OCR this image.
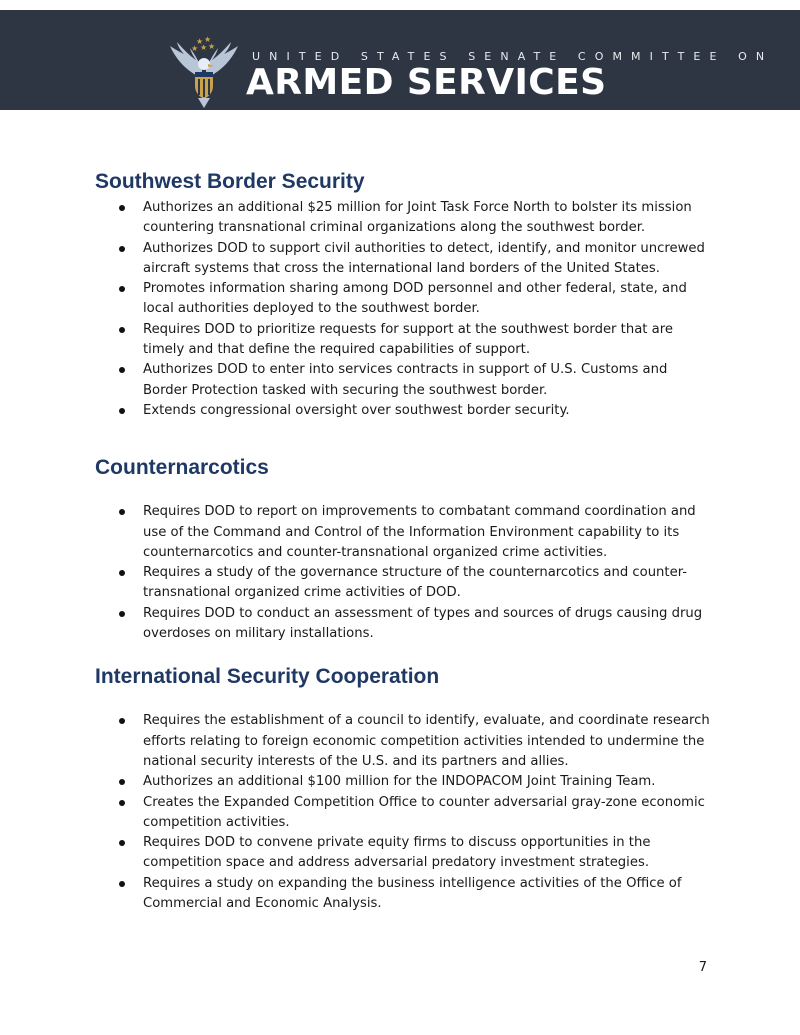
★ ★
★ ★ ★
UNITED STATES SENATE COMMITTEE ON
ARMED SERVICES
Southwest Border Security
Authorizes an additional $25 million for Joint Task Force North to bolster its mission countering transnational criminal organizations along the southwest border.
Authorizes DOD to support civil authorities to detect, identify, and monitor uncrewed aircraft systems that cross the international land borders of the United States.
Promotes information sharing among DOD personnel and other federal, state, and local authorities deployed to the southwest border.
Requires DOD to prioritize requests for support at the southwest border that are timely and that define the required capabilities of support.
Authorizes DOD to enter into services contracts in support of U.S. Customs and Border Protection tasked with securing the southwest border.
Extends congressional oversight over southwest border security.
Counternarcotics
Requires DOD to report on improvements to combatant command coordination and use of the Command and Control of the Information Environment capability to its counternarcotics and counter-transnational organized crime activities.
Requires a study of the governance structure of the counternarcotics and counter-transnational organized crime activities of DOD.
Requires DOD to conduct an assessment of types and sources of drugs causing drug overdoses on military installations.
International Security Cooperation
Requires the establishment of a council to identify, evaluate, and coordinate research efforts relating to foreign economic competition activities intended to undermine the national security interests of the U.S. and its partners and allies.
Authorizes an additional $100 million for the INDOPACOM Joint Training Team.
Creates the Expanded Competition Office to counter adversarial gray-zone economic competition activities.
Requires DOD to convene private equity firms to discuss opportunities in the competition space and address adversarial predatory investment strategies.
Requires a study on expanding the business intelligence activities of the Office of Commercial and Economic Analysis.
7
